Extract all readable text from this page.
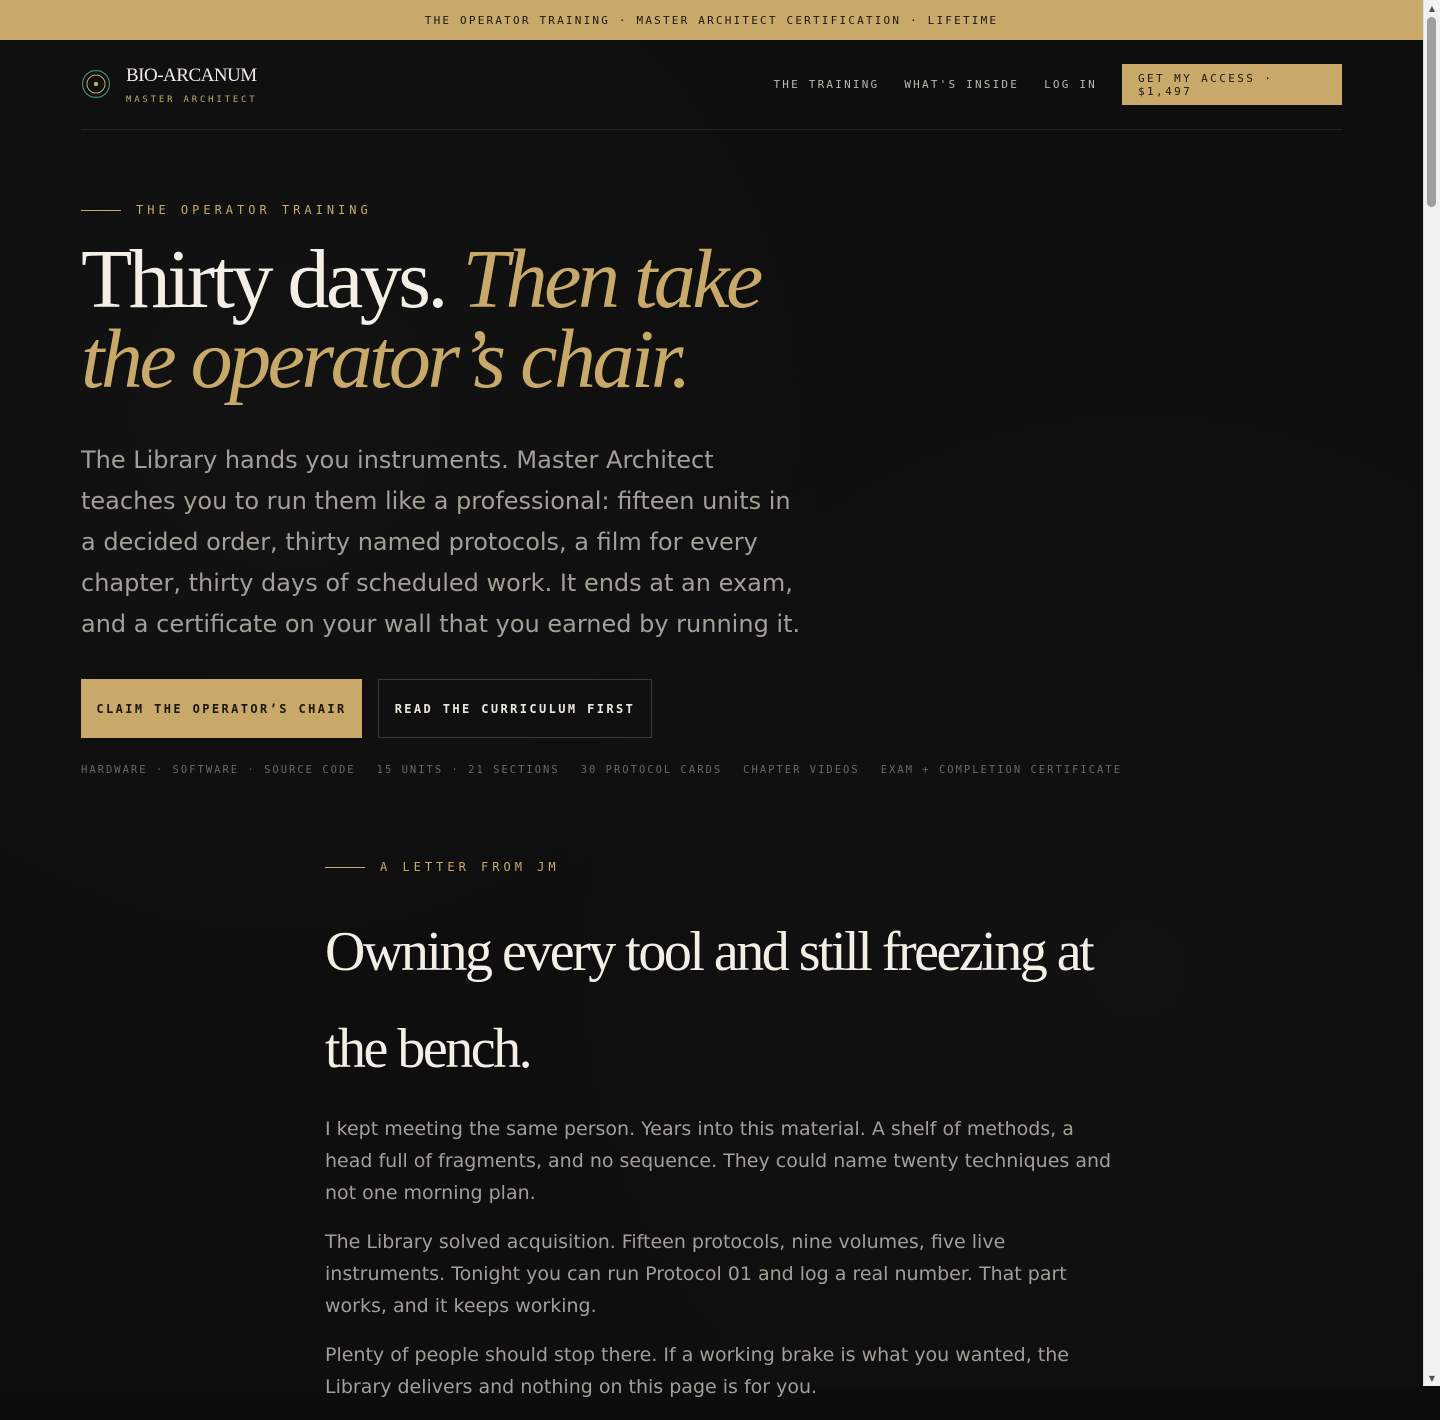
THE OPERATOR TRAINING · MASTER ARCHITECT CERTIFICATION · LIFETIME
BIO-ARCANUM
MASTER ARCHITECT
THE TRAINING WHAT'S INSIDE LOG IN	GET MY ACCESS · $1,497
THE OPERATOR TRAINING
Thirty days. Then take the operator’s chair.

The Library hands you instruments. Master Architect teaches you to run them like a professional: fifteen units in a decided order, thirty named protocols, a film for every chapter, thirty days of scheduled work. It ends at an exam, and a certificate on your wall that you earned by running it.

CLAIM THE OPERATOR’S CHAIR	READ THE CURRICULUM FIRST
HARDWARE · SOFTWARE · SOURCE CODE 15 UNITS · 21 SECTIONS 30 PROTOCOL CARDS CHAPTER VIDEOS EXAM + COMPLETION CERTIFICATE
A LETTER FROM JM
Owning every tool and still freezing at the bench.

I kept meeting the same person. Years into this material. A shelf of methods, a head full of fragments, and no sequence. They could name twenty techniques and not one morning plan.

The Library solved acquisition. Fifteen protocols, nine volumes, five live instruments. Tonight you can run Protocol 01 and log a real number. That part works, and it keeps working.

Plenty of people should stop there. If a working brake is what you wanted, the Library delivers and nothing on this page is for you.

▲
▼
